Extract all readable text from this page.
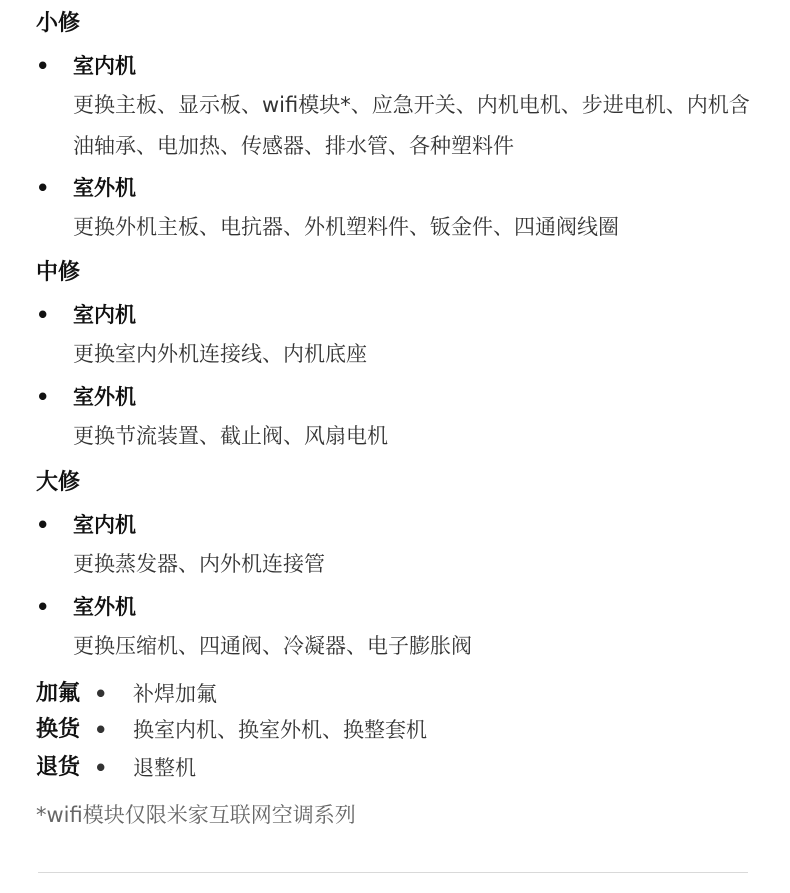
小修
• 室内机
更换主板、显示板、wifi模块*、应急开关、内机电机、步进电机、内机含油轴承、电加热、传感器、排水管、各种塑料件
• 室外机
更换外机主板、电抗器、外机塑料件、钣金件、四通阀线圈
中修
• 室内机
更换室内外机连接线、内机底座
• 室外机
更换节流装置、截止阀、风扇电机
大修
• 室内机
更换蒸发器、内外机连接管
• 室外机
更换压缩机、四通阀、冷凝器、电子膨胀阀
加氟 • 补焊加氟
换货 • 换室内机、换室外机、换整套机
退货 • 退整机
*wifi模块仅限米家互联网空调系列
